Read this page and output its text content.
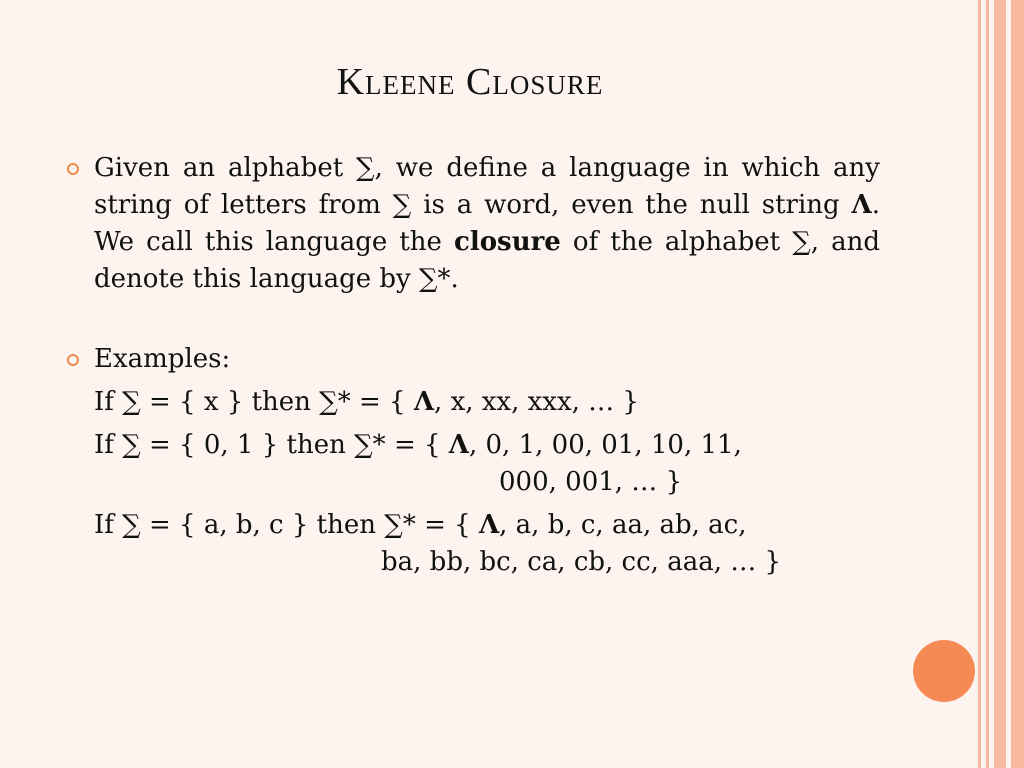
Kleene Closure
Given an alphabet ∑, we define a language in which any string of letters from ∑ is a word, even the null string Λ. We call this language the closure of the alphabet ∑, and denote this language by ∑*.
Examples:
If ∑ = { x } then ∑* = { Λ, x, xx, xxx, … }
If ∑ = { 0, 1 } then ∑* = { Λ, 0, 1, 00, 01, 10, 11,
000, 001, … }
If ∑ = { a, b, c } then ∑* = { Λ, a, b, c, aa, ab, ac,
ba, bb, bc, ca, cb, cc, aaa, … }
